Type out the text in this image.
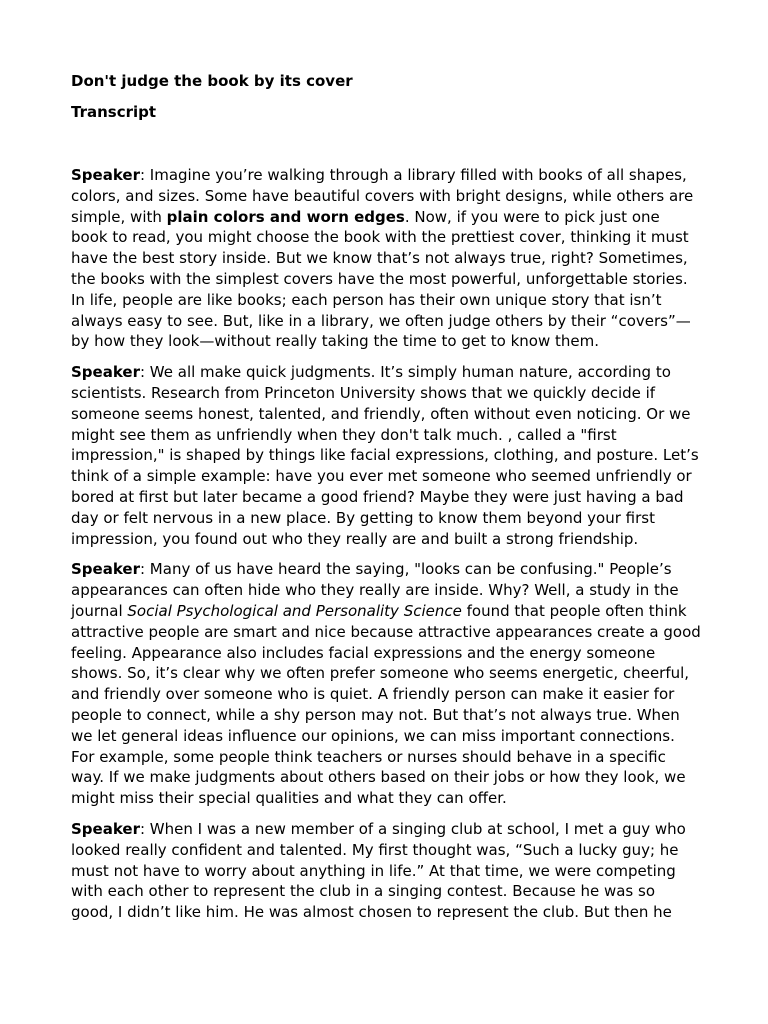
Don't judge the book by its cover
Transcript

Speaker: Imagine you’re walking through a library filled with books of all shapes, colors, and sizes. Some have beautiful covers with bright designs, while others are simple, with plain colors and worn edges. Now, if you were to pick just one book to read, you might choose the book with the prettiest cover, thinking it must have the best story inside. But we know that’s not always true, right? Sometimes, the books with the simplest covers have the most powerful, unforgettable stories. In life, people are like books; each person has their own unique story that isn’t always easy to see. But, like in a library, we often judge others by their “covers”—by how they look—without really taking the time to get to know them.

Speaker: We all make quick judgments. It’s simply human nature, according to scientists. Research from Princeton University shows that we quickly decide if someone seems honest, talented, and friendly, often without even noticing. Or we might see them as unfriendly when they don't talk much. , called a "first impression," is shaped by things like facial expressions, clothing, and posture. Let’s think of a simple example: have you ever met someone who seemed unfriendly or bored at first but later became a good friend? Maybe they were just having a bad day or felt nervous in a new place. By getting to know them beyond your first impression, you found out who they really are and built a strong friendship.

Speaker: Many of us have heard the saying, "looks can be confusing." People’s appearances can often hide who they really are inside. Why? Well, a study in the journal Social Psychological and Personality Science found that people often think attractive people are smart and nice because attractive appearances create a good feeling. Appearance also includes facial expressions and the energy someone shows. So, it’s clear why we often prefer someone who seems energetic, cheerful, and friendly over someone who is quiet. A friendly person can make it easier for people to connect, while a shy person may not. But that’s not always true. When we let general ideas influence our opinions, we can miss important connections. For example, some people think teachers or nurses should behave in a specific way. If we make judgments about others based on their jobs or how they look, we might miss their special qualities and what they can offer.

Speaker: When I was a new member of a singing club at school, I met a guy who looked really confident and talented. My first thought was, “Such a lucky guy; he must not have to worry about anything in life.” At that time, we were competing with each other to represent the club in a singing contest. Because he was so good, I didn’t like him. He was almost chosen to represent the club. But then he
